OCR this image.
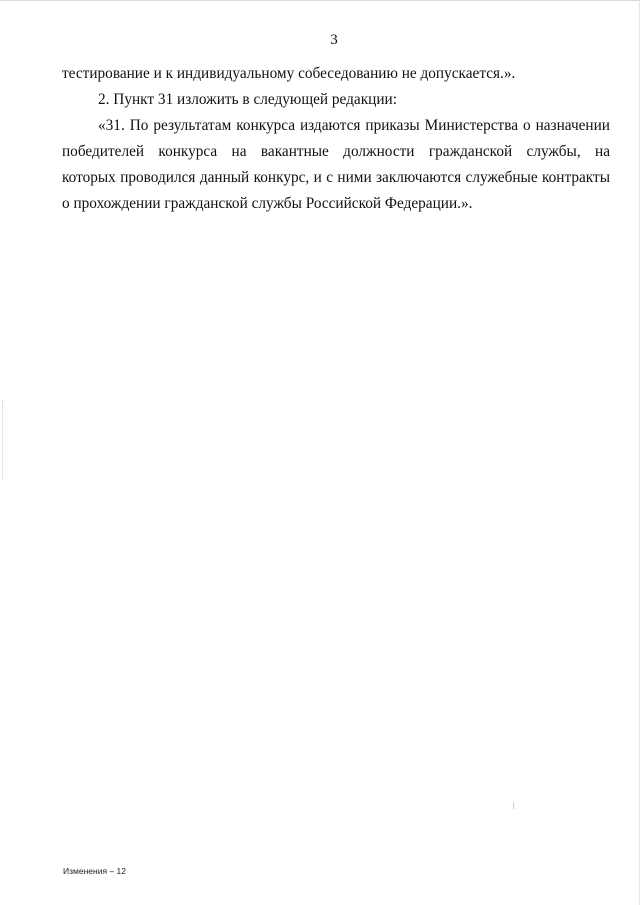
3
тестирование и к индивидуальному собеседованию не допускается.».
2. Пункт 31 изложить в следующей редакции:
«31. По результатам конкурса издаются приказы Министерства о назначении
победителей конкурса на вакантные должности гражданской службы, на
которых проводился данный конкурс, и с ними заключаются служебные контракты
о прохождении гражданской службы Российской Федерации.».
Изменения – 12
